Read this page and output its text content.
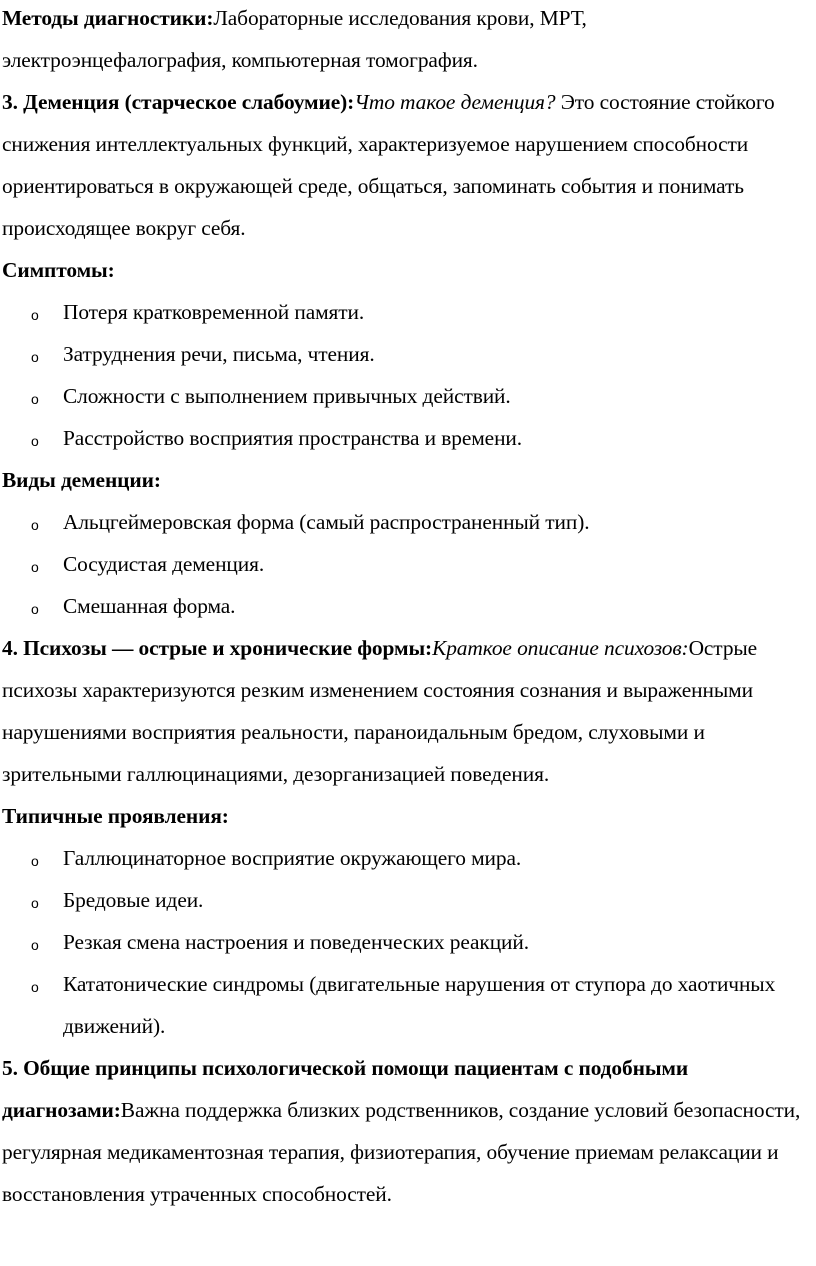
Методы диагностики:Лабораторные исследования крови, МРТ, электроэнцефалография, компьютерная томография.

3. Деменция (старческое слабоумие):Что такое деменция? Это состояние стойкого снижения интеллектуальных функций, характеризуемое нарушением способности ориентироваться в окружающей среде, общаться, запоминать события и понимать происходящее вокруг себя.

Симптомы:

o Потеря кратковременной памяти.
o Затруднения речи, письма, чтения.
o Сложности с выполнением привычных действий.
o Расстройство восприятия пространства и времени.

Виды деменции:

o Альцгеймеровская форма (самый распространенный тип).
o Сосудистая деменция.
o Смешанная форма.

4. Психозы — острые и хронические формы:Краткое описание психозов:Острые психозы характеризуются резким изменением состояния сознания и выраженными нарушениями восприятия реальности, параноидальным бредом, слуховыми и зрительными галлюцинациями, дезорганизацией поведения.

Типичные проявления:

o Галлюцинаторное восприятие окружающего мира.
o Бредовые идеи.
o Резкая смена настроения и поведенческих реакций.
o Кататонические синдромы (двигательные нарушения от ступора до хаотичных движений).

5. Общие принципы психологической помощи пациентам с подобными диагнозами:Важна поддержка близких родственников, создание условий безопасности, регулярная медикаментозная терапия, физиотерапия, обучение приемам релаксации и восстановления утраченных способностей.
